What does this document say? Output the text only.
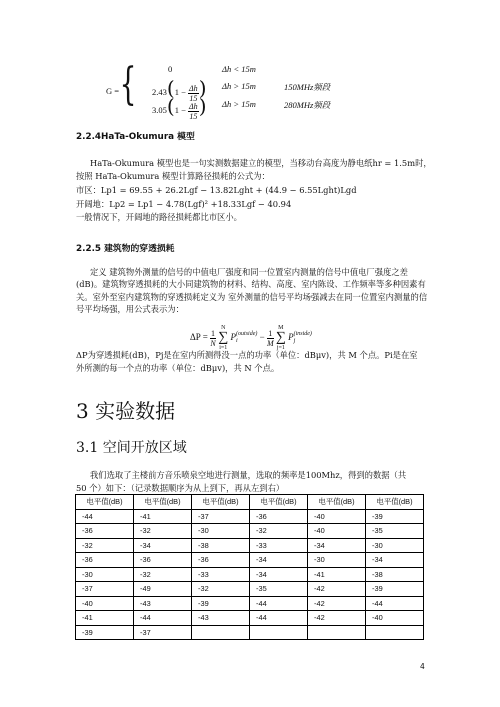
G = {	0	Δh < 15m
$2.43(1 - \frac{\Delta h}{15}$ ) Δh > 15m	150MHz频段
$3.05(1 - \frac{\Delta h}{15}$ ) Δh > 15m	280MHz频段
2.2.4HaTa-Okumura 模型
HaTa-Okumura 模型也是一句实测数据建立的模型，当移动台高度为静电纸hr = 1.5m时，
按照 HaTa-Okumura 模型计算路径损耗的公式为：
市区：Lp1 = 69.55 + 26.2Lgf − 13.82Lght + (44.9 − 6.55Lght)Lgd
开阔地：Lp2 = Lp1 − 4.78(Lgf)² +18.33Lgf − 40.94
一般情况下，开阔地的路径损耗都比市区小。
2.2.5 建筑物的穿透损耗
定义 建筑物外测量的信号的中值电厂强度和同一位置室内测量的信号中值电厂强度之差(dB)。建筑物穿透损耗的大小同建筑物的材料、结构、高度、室内陈设、工作频率等多种因素有关。室外至室内建筑物的穿透损耗定义为 室外测量的信号平均场强减去在同一位置室内测量的信号平均场强，用公式表示为：
$\Delta P = \frac{1}{N}$

N
∑
i=1
P (outside)
i	− $\frac{1}{M}$

M
∑
j=1
P (inside)
j
ΔP为穿透损耗(dB)，Pj是在室内所测得没一点的功率（单位：dBμv)，共 M 个点。Pi是在室
外所测的每一个点的功率（单位：dBμv)，共 N 个点。
3 实验数据
3.1 空间开放区域
我们选取了主楼前方音乐喷泉空地进行测量，选取的频率是100Mhz，得到的数据（共
50 个）如下：（记录数据顺序为从上到下，再从左到右）
电平值(dB)	电平值(dB)	电平值(dB)	电平值(dB)	电平值(dB)	电平值(dB)
-44	-41	-37	-36	-40	-39
-36	-32	-30	-32	-40	-35
-32	-34	-38	-33	-34	-30
-36	-36	-36	-34	-30	-34
-30	-32	-33	-34	-41	-38
-37	-49	-32	-35	-42	-39
-40	-43	-39	-44	-42	-44
-41	-44	-43	-44	-42	-40
-39	-37				
4
